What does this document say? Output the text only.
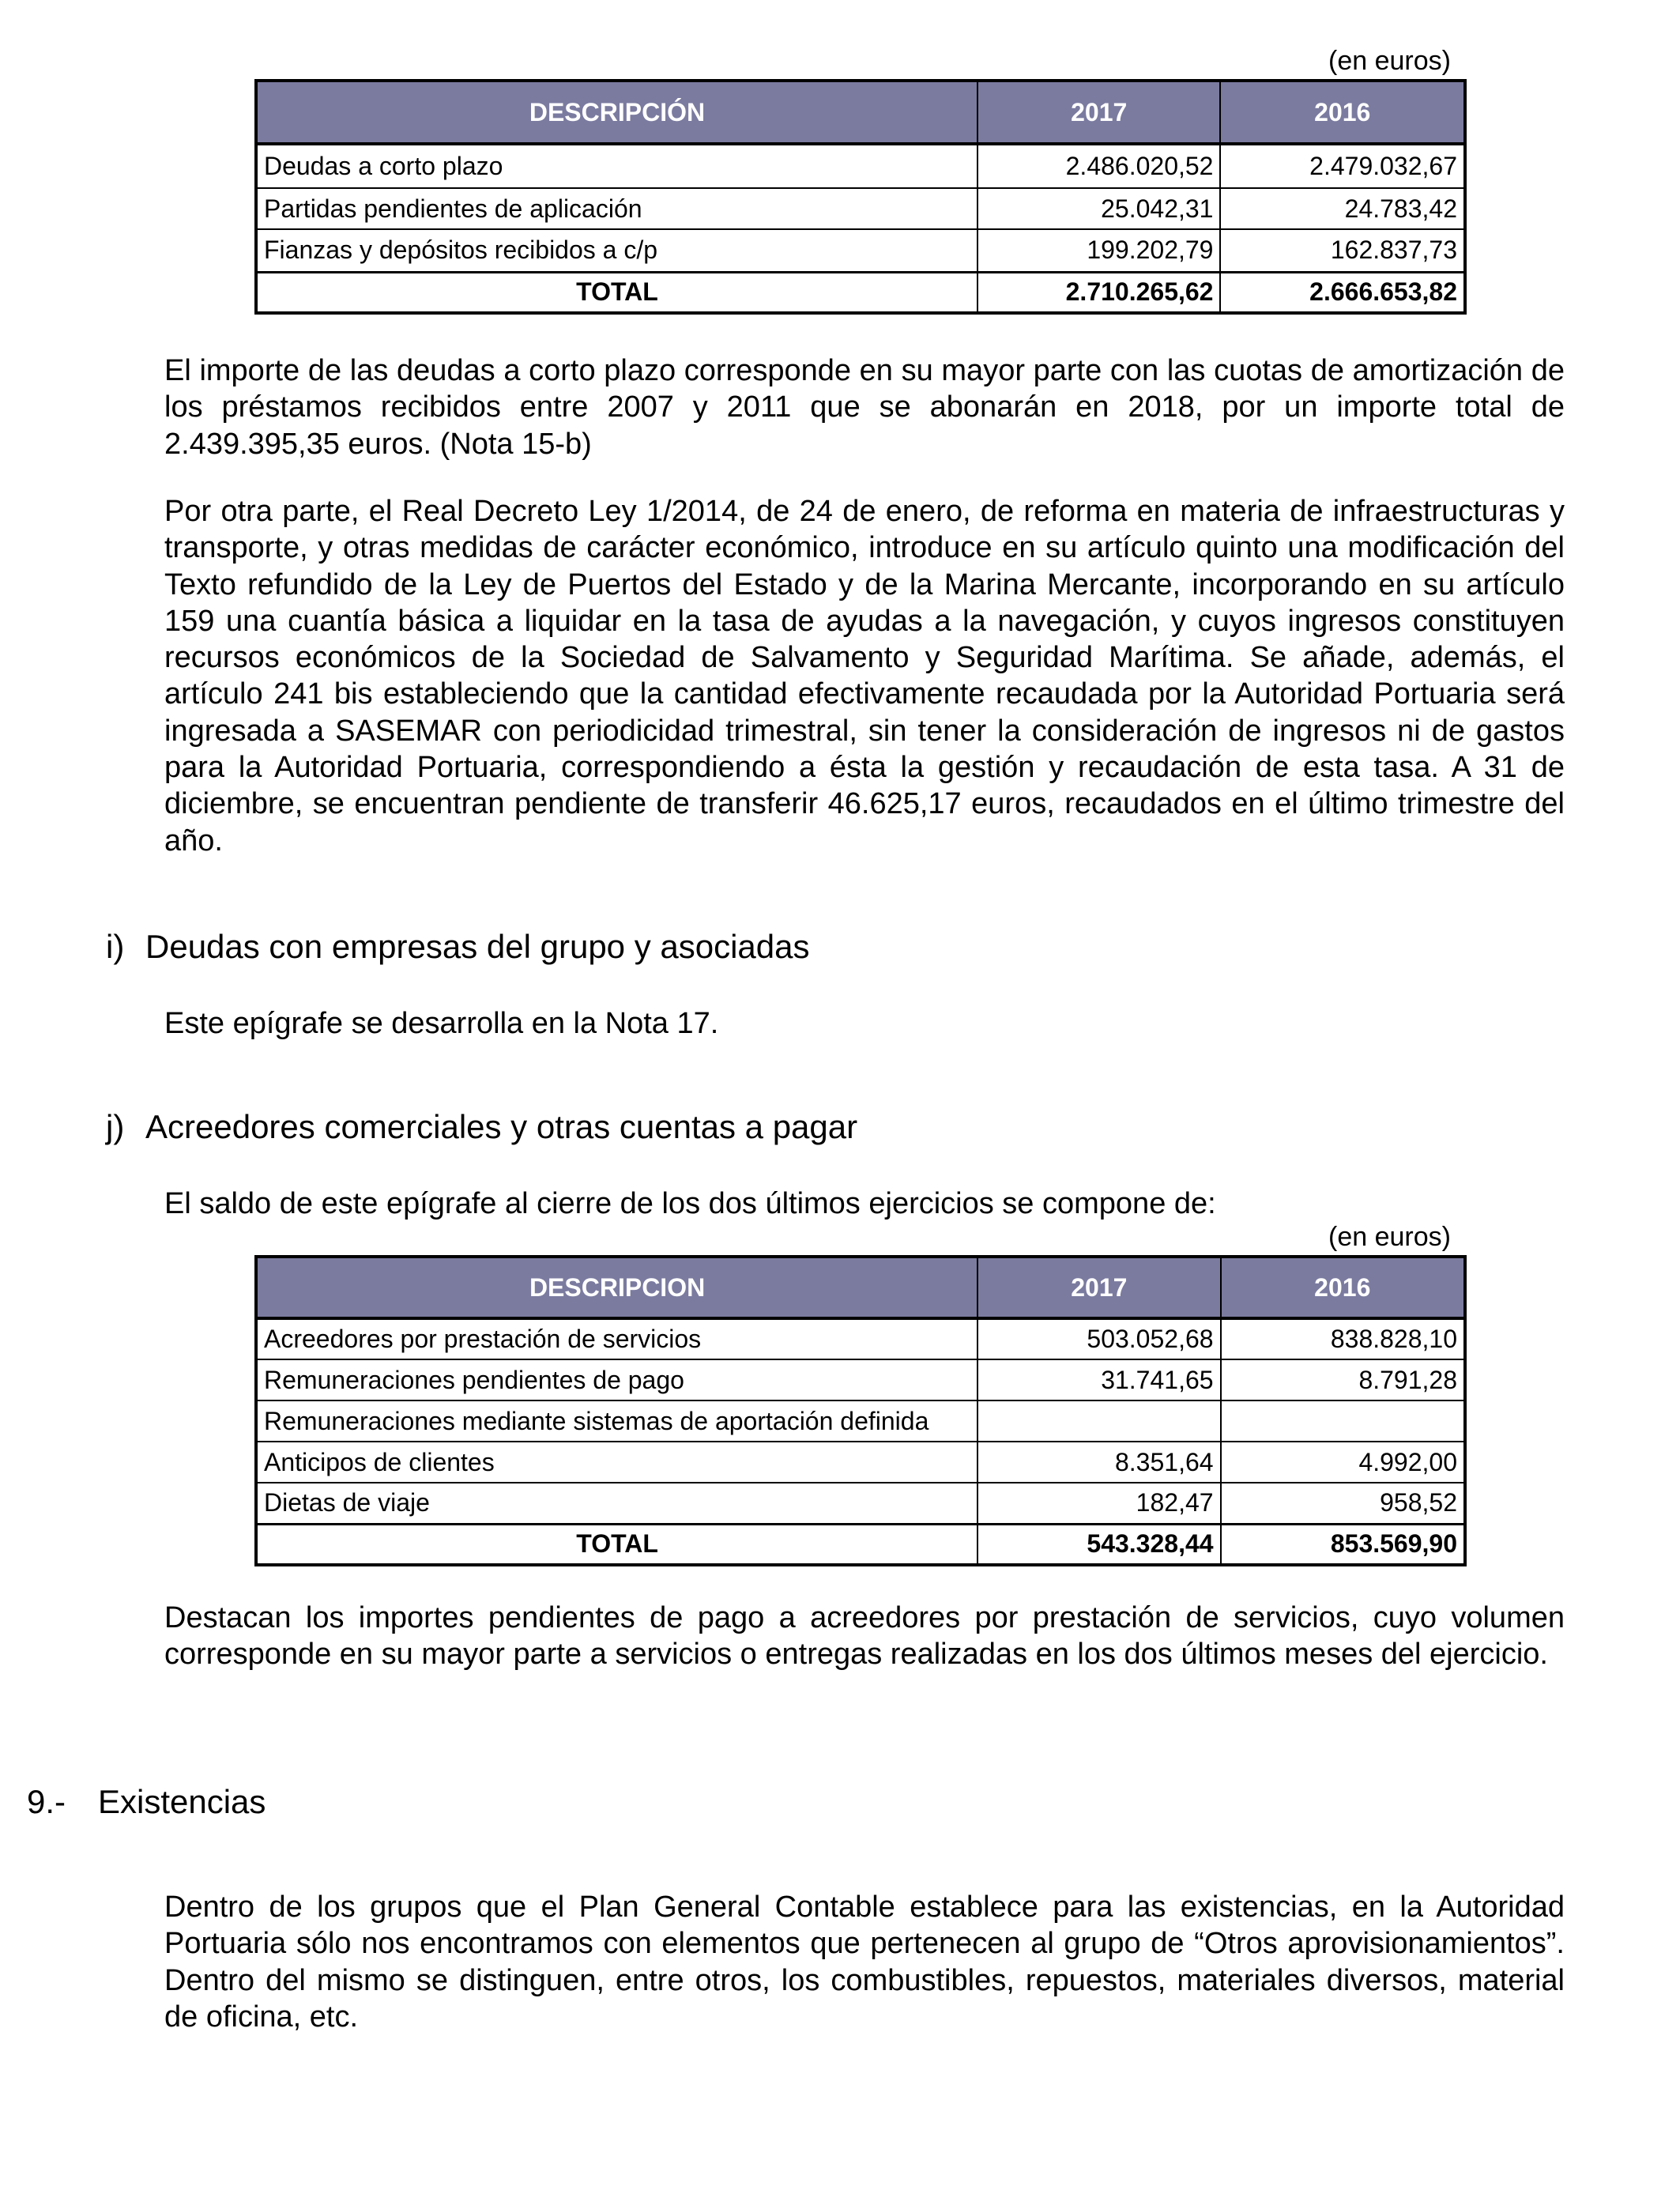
(en euros)
DESCRIPCIÓN	2017	2016
Deudas a corto plazo	2.486.020,52	2.479.032,67
Partidas pendientes de aplicación	25.042,31	24.783,42
Fianzas y depósitos recibidos a c/p	199.202,79	162.837,73
TOTAL	2.710.265,62	2.666.653,82

El importe de las deudas a corto plazo corresponde en su mayor parte con las cuotas de amortización de los préstamos recibidos entre 2007 y 2011 que se abonarán en 2018, por un importe total de 2.439.395,35 euros. (Nota 15-b)

Por otra parte, el Real Decreto Ley 1/2014, de 24 de enero, de reforma en materia de infraestructuras y transporte, y otras medidas de carácter económico, introduce en su artículo quinto una modificación del Texto refundido de la Ley de Puertos del Estado y de la Marina Mercante, incorporando en su artículo 159 una cuantía básica a liquidar en la tasa de ayudas a la navegación, y cuyos ingresos constituyen recursos económicos de la Sociedad de Salvamento y Seguridad Marítima. Se añade, además, el artículo 241 bis estableciendo que la cantidad efectivamente recaudada por la Autoridad Portuaria será ingresada a SASEMAR con periodicidad trimestral, sin tener la consideración de ingresos ni de gastos para la Autoridad Portuaria, correspondiendo a ésta la gestión y recaudación de esta tasa. A 31 de diciembre, se encuentran pendiente de transferir 46.625,17 euros, recaudados en el último trimestre del año.

i) Deudas con empresas del grupo y asociadas

Este epígrafe se desarrolla en la Nota 17.

j) Acreedores comerciales y otras cuentas a pagar

El saldo de este epígrafe al cierre de los dos últimos ejercicios se compone de:

(en euros)
DESCRIPCION	2017	2016
Acreedores por prestación de servicios	503.052,68	838.828,10
Remuneraciones pendientes de pago	31.741,65	8.791,28
Remuneraciones mediante sistemas de aportación definida		
Anticipos de clientes	8.351,64	4.992,00
Dietas de viaje	182,47	958,52
TOTAL	543.328,44	853.569,90

Destacan los importes pendientes de pago a acreedores por prestación de servicios, cuyo volumen corresponde en su mayor parte a servicios o entregas realizadas en los dos últimos meses del ejercicio.

9.- Existencias

Dentro de los grupos que el Plan General Contable establece para las existencias, en la Autoridad Portuaria sólo nos encontramos con elementos que pertenecen al grupo de “Otros aprovisionamientos”. Dentro del mismo se distinguen, entre otros, los combustibles, repuestos, materiales diversos, material de oficina, etc.
